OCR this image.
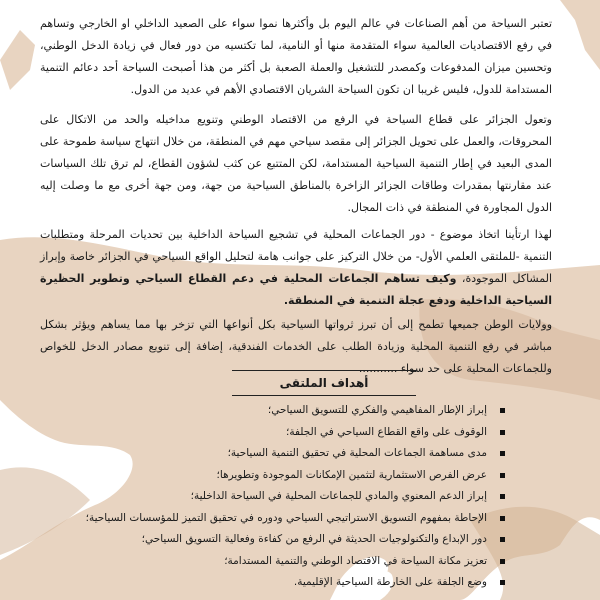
تعتبر السياحة من أهم الصناعات في عالم اليوم بل وأكثرها نموا سواء على الصعيد الداخلي او الخارجي وتساهم في رفع الاقتصاديات العالمية سواء المتقدمة منها أو النامية، لما تكتسيه من دور فعال في زيادة الدخل الوطني، وتحسين ميزان المدفوعات وكمصدر للتشغيل والعملة الصعبة بل أكثر من هذا أصبحت السياحة أحد دعائم التنمية المستدامة للدول، فليس غريبا ان تكون السياحة الشريان الاقتصادي الأهم في عديد من الدول.

وتعول الجزائر على قطاع السياحة في الرفع من الاقتصاد الوطني وتنويع مداخيله والحد من الاتكال على المحروقات، والعمل على تحويل الجزائر إلى مقصد سياحي مهم في المنطقة، من خلال انتهاج سياسة طموحة على المدى البعيد في إطار التنمية السياحية المستدامة، لكن المتتبع عن كثب لشؤون القطاع، لم ترق تلك السياسات عند مقارنتها بمقدرات وطاقات الجزائر الزاخرة بالمناطق السياحية من جهة، ومن جهة أخرى مع ما وصلت إليه الدول المجاورة في المنطقة في ذات المجال.

لهذا ارتأينا اتخاذ موضوع - دور الجماعات المحلية في تشجيع السياحة الداخلية بين تحديات المرحلة ومتطلبات التنمية -للملتقى العلمي الأول- من خلال التركيز على جوانب هامة لتحليل الواقع السياحي في الجزائر خاصة وإبراز المشاكل الموجودة، وكيف تساهم الجماعات المحلية في دعم القطاع السياحي وتطوير الحظيرة السياحية الداخلية ودفع عجلة التنمية في المنطقة.

وولايات الوطن جميعها تطمح إلى أن تبرز ثرواتها السياحية بكل أنواعها التي تزخر بها مما يساهم ويؤثر بشكل مباشر في رفع التنمية المحلية وزيادة الطلب على الخدمات الفندقية، إضافة إلى تنويع مصادر الدخل للخواص وللجماعات المحلية على حد سواء ...........

أهداف الملتقى
إبراز الإطار المفاهيمي والفكري للتسويق السياحي؛
الوقوف على واقع القطاع السياحي في الجلفة؛
مدى مساهمة الجماعات المحلية في تحقيق التنمية السياحية؛
عرض الفرص الاستثمارية لتثمين الإمكانات الموجودة وتطويرها؛
إبراز الدعم المعنوي والمادي للجماعات المحلية في السياحة الداخلية؛
الإحاطة بمفهوم التسويق الاستراتيجي السياحي ودوره في تحقيق التميز للمؤسسات السياحية؛
دور الإبداع والتكنولوجيات الحديثة في الرفع من كفاءة وفعالية التسويق السياحي؛
تعزيز مكانة السياحة في الاقتصاد الوطني والتنمية المستدامة؛
وضع الجلفة على الخارطة السياحية الإقليمية.
